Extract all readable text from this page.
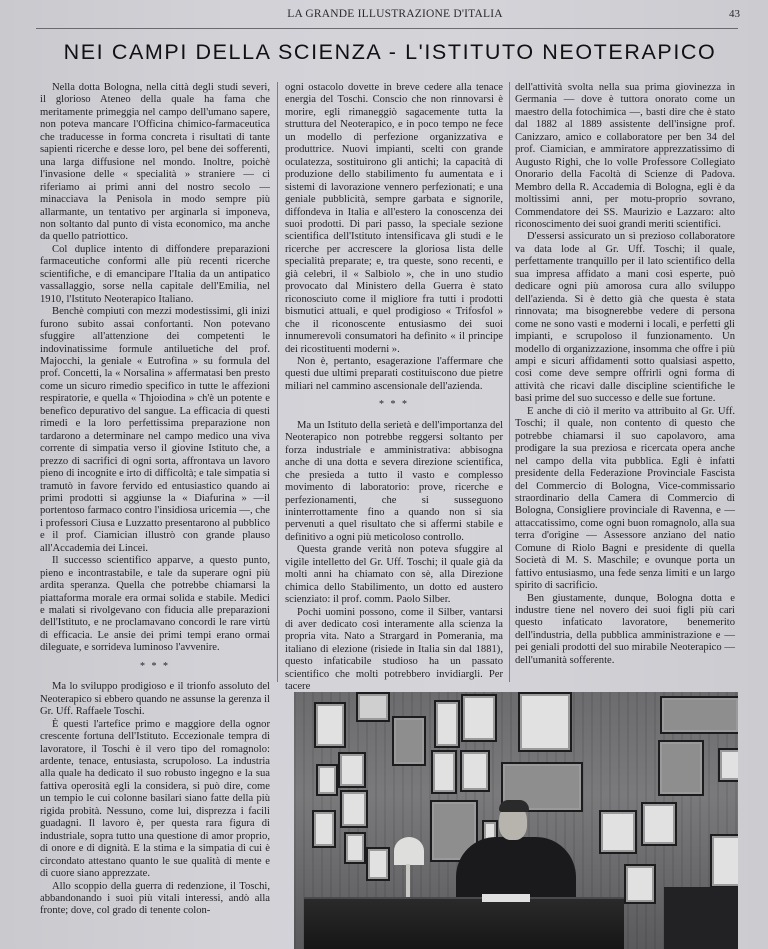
LA GRANDE ILLUSTRAZIONE D'ITALIA	43
NEI CAMPI DELLA SCIENZA - L'ISTITUTO NEOTERAPICO

Nella dotta Bologna, nella città degli studi severi, il glorioso Ateneo della quale ha fama che meritamente primeggia nel campo dell'umano sapere, non poteva mancare l'Officina chimico-farmaceutica che traducesse in forma concreta i risultati di tante sapienti ricerche e desse loro, pel bene dei sofferenti, una larga diffusione nel mondo. Inoltre, poichè l'invasione delle « specialità » straniere — ci riferiamo ai primi anni del nostro secolo — minacciava la Penisola in modo sempre più allarmante, un tentativo per arginarla si imponeva, non soltanto dal punto di vista economico, ma anche da quello patriottico.

Col duplice intento di diffondere preparazioni farmaceutiche conformi alle più recenti ricerche scientifiche, e di emancipare l'Italia da un antipatico vassallaggio, sorse nella capitale dell'Emilia, nel 1910, l'Istituto Neoterapico Italiano.

Benchè compiuti con mezzi modestissimi, gli inizi furono subito assai confortanti. Non potevano sfuggire all'attenzione dei competenti le indovinatissime formule antiluetiche del prof. Majocchi, la geniale « Eutrofina » su formula del prof. Concetti, la « Norsalina » affermatasi ben presto come un sicuro rimedio specifico in tutte le affezioni respiratorie, e quella « Thjoiodina » ch'è un potente e benefico depurativo del sangue. La efficacia di questi rimedi e la loro perfettissima preparazione non tardarono a determinare nel campo medico una viva corrente di simpatia verso il giovine Istituto che, a prezzo di sacrifici di ogni sorta, affrontava un lavoro pieno di incognite e irto di difficoltà; e tale simpatia si tramutò in favore fervido ed entusiastico quando ai primi prodotti si aggiunse la « Diafurina » —il portentoso farmaco contro l'insidiosa uricemia —, che i professori Ciusa e Luzzatto presentarono al pubblico e il prof. Ciamician illustrò con grande plauso all'Accademia dei Lincei.

Il successo scientifico apparve, a questo punto, pieno e incontrastabile, e tale da superare ogni più ardita speranza. Quella che potrebbe chiamarsi la piattaforma morale era ormai solida e stabile. Medici e malati si rivolgevano con fiducia alle preparazioni dell'Istituto, e ne proclamavano concordi le rare virtù di efficacia. Le ansie dei primi tempi erano ormai dileguate, e sorrideva luminoso l'avvenire.

* * *

Ma lo sviluppo prodigioso e il trionfo assoluto del Neoterapico si ebbero quando ne assunse la gerenza il Gr. Uff. Raffaele Toschi.

È questi l'artefice primo e maggiore della ognor crescente fortuna dell'Istituto. Eccezionale tempra di lavoratore, il Toschi è il vero tipo del romagnolo: ardente, tenace, entusiasta, scrupoloso. La industria alla quale ha dedicato il suo robusto ingegno e la sua fattiva operosità egli la considera, si può dire, come un tempio le cui colonne basilari siano fatte della più rigida probità. Nessuno, come lui, disprezza i facili guadagni. Il lavoro è, per questa rara figura di industriale, sopra tutto una questione di amor proprio, di onore e di dignità. E la stima e la simpatia di cui è circondato attestano quanto le sue qualità di mente e di cuore siano apprezzate.

Allo scoppio della guerra di redenzione, il Toschi, abbandonando i suoi più vitali interessi, andò alla fronte; dove, col grado di tenente colon-

ogni ostacolo dovette in breve cedere alla tenace energia del Toschi. Conscio che non rinnovarsi è morire, egli rimaneggiò sagacemente tutta la struttura del Neoterapico, e in poco tempo ne fece un modello di perfezione organizzativa e produttrice. Nuovi impianti, scelti con grande oculatezza, sostituirono gli antichi; la capacità di produzione dello stabilimento fu aumentata e i sistemi di lavorazione vennero perfezionati; e una geniale pubblicità, sempre garbata e signorile, diffondeva in Italia e all'estero la conoscenza dei suoi prodotti. Di pari passo, la speciale sezione scientifica dell'Istituto intensificava gli studi e le ricerche per accrescere la gloriosa lista delle specialità preparate; e, tra queste, sono recenti, e già celebri, il « Salbiolo », che in uno studio provocato dal Ministero della Guerra è stato riconosciuto come il migliore fra tutti i prodotti bismutici attuali, e quel prodigioso « Trifosfol » che il riconoscente entusiasmo dei suoi innumerevoli consumatori ha definito « il principe dei ricostituenti moderni ».

Non è, pertanto, esagerazione l'affermare che questi due ultimi preparati costituiscono due pietre miliari nel cammino ascensionale dell'azienda.

* * *

Ma un Istituto della serietà e dell'importanza del Neoterapico non potrebbe reggersi soltanto per forza industriale e amministrativa: abbisogna anche di una dotta e severa direzione scientifica, che presieda a tutto il vasto e complesso movimento di laboratorio: prove, ricerche e perfezionamenti, che si susseguono ininterrottamente fino a quando non si sia pervenuti a quel risultato che si affermi stabile e definitivo a ogni più meticoloso controllo.

Questa grande verità non poteva sfuggire al vigile intelletto del Gr. Uff. Toschi; il quale già da molti anni ha chiamato con sè, alla Direzione chimica dello Stabilimento, un dotto ed austero scienziato: il prof. comm. Paolo Silber.

Pochi uomini possono, come il Silber, vantarsi di aver dedicato così interamente alla scienza la propria vita. Nato a Strargard in Pomerania, ma italiano di elezione (risiede in Italia sin dal 1881), questo infaticabile studioso ha un passato scientifico che molti potrebbero invidiargli. Per tacere

dell'attività svolta nella sua prima giovinezza in Germania — dove è tuttora onorato come un maestro della fotochimica —, basti dire che è stato dal 1882 al 1889 assistente dell'insigne prof. Canizzaro, amico e collaboratore per ben 34 del prof. Ciamician, e ammiratore apprezzatissimo di Augusto Righi, che lo volle Professore Collegiato Onorario della Facoltà di Scienze di Padova. Membro della R. Accademia di Bologna, egli è da moltissimi anni, per motu-proprio sovrano, Commendatore dei SS. Maurizio e Lazzaro: alto riconoscimento dei suoi grandi meriti scientifici.

D'essersi assicurato un sì prezioso collaboratore va data lode al Gr. Uff. Toschi; il quale, perfettamente tranquillo per il lato scientifico della sua impresa affidato a mani così esperte, può dedicare ogni più amorosa cura allo sviluppo dell'azienda. Si è detto già che questa è stata rinnovata; ma bisognerebbe vedere di persona come ne sono vasti e moderni i locali, e perfetti gli impianti, e scrupoloso il funzionamento. Un modello di organizzazione, insomma che offre i più ampi e sicuri affidamenti sotto qualsiasi aspetto, così come deve sempre offrirli ogni forma di attività che ricavi dalle discipline scientifiche le basi prime del suo successo e delle sue fortune.

E anche di ciò il merito va attribuito al Gr. Uff. Toschi; il quale, non contento di questo che potrebbe chiamarsi il suo capolavoro, ama prodigare la sua preziosa e ricercata opera anche nel campo della vita pubblica. Egli è infatti presidente della Federazione Provinciale Fascista del Commercio di Bologna, Vice-commissario straordinario della Camera di Commercio di Bologna, Consigliere provinciale di Ravenna, e — attaccatissimo, come ogni buon romagnolo, alla sua terra d'origine — Assessore anziano del natio Comune di Riolo Bagni e presidente di quella Società di M. S. Maschile; e ovunque porta un fattivo entusiasmo, una fede senza limiti e un largo spirito di sacrificio.

Ben giustamente, dunque, Bologna dotta e industre tiene nel novero dei suoi figli più cari questo infaticato lavoratore, benemerito dell'industria, della pubblica amministrazione e — pei geniali prodotti del suo mirabile Neoterapico — dell'umanità sofferente.
